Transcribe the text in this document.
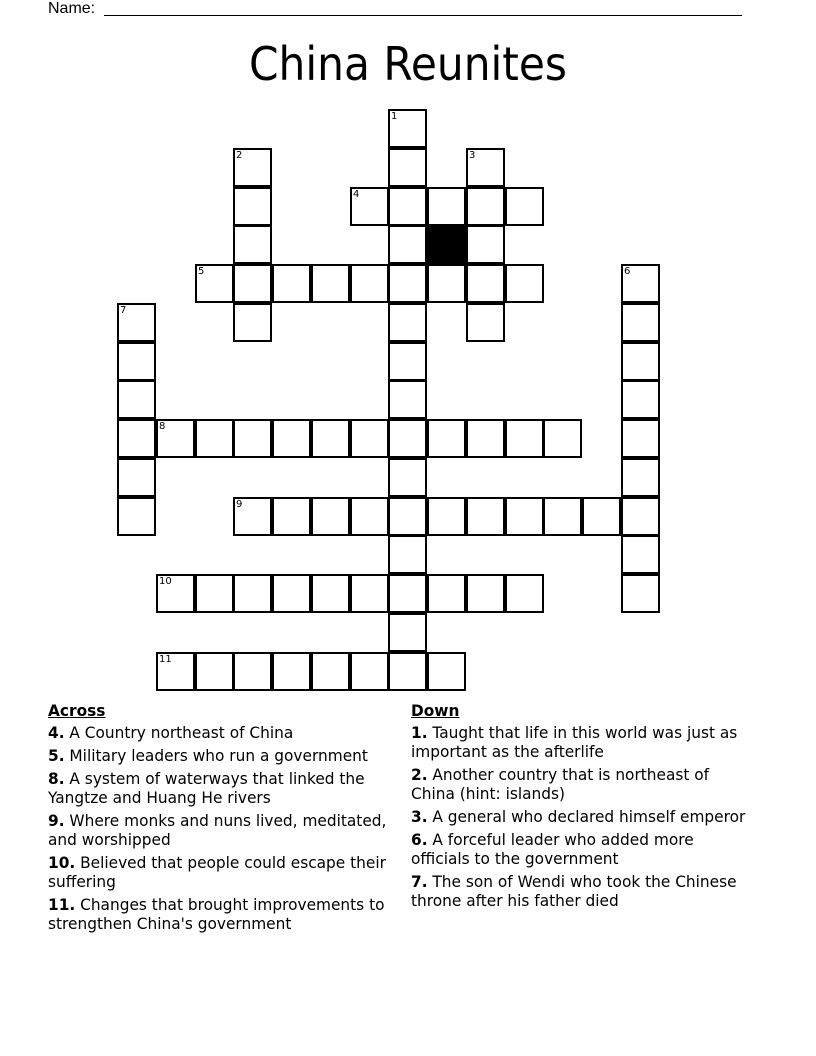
Name:
China Reunites
1
2	3
4
5	6
7
8
9
10
11
Across
4. A Country northeast of China
5. Military leaders who run a government
8. A system of waterways that linked the Yangtze and Huang He rivers
9. Where monks and nuns lived, meditated, and worshipped
10. Believed that people could escape their suffering
11. Changes that brought improvements to strengthen China's government
Down
1. Taught that life in this world was just as important as the afterlife
2. Another country that is northeast of China (hint: islands)
3. A general who declared himself emperor
6. A forceful leader who added more officials to the government
7. The son of Wendi who took the Chinese throne after his father died
